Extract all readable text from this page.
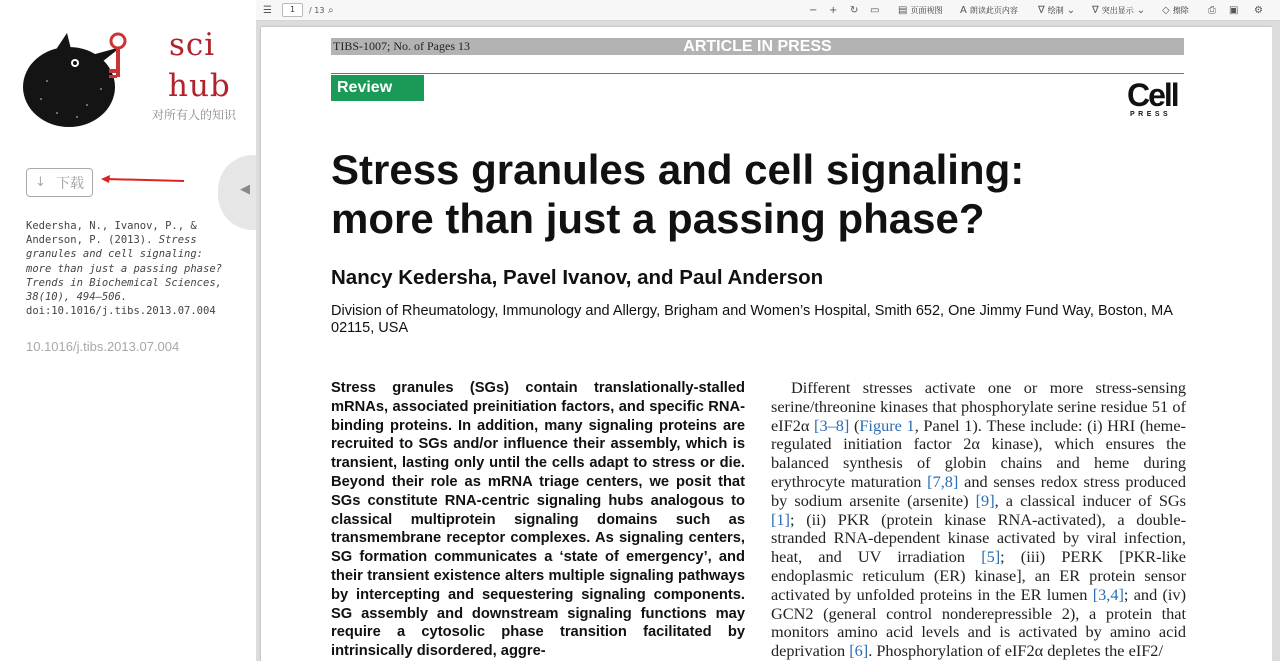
sci
hub
对所有人的知识
↓ 下载
Kedersha, N., Ivanov, P., & Anderson, P. (2013). Stress granules and cell signaling: more than just a passing phase? Trends in Biochemical Sciences, 38(10), 494–506.
doi:10.1016/j.tibs.2013.07.004
10.1016/j.tibs.2013.07.004
◀
☰	1	/ 13 ⌕	− + ↻ ▭ ▤ 页面视图 A 朗读此页内容 ∇ 绘制 ⌄ ∇ 突出显示 ⌄ ◇ 擦除 ⎙ ▣ ⚙
TIBS-1007; No. of Pages 13	ARTICLE IN PRESS
Review	Cell
PRESS
Stress granules and cell signaling:
more than just a passing phase?
Nancy Kedersha, Pavel Ivanov, and Paul Anderson
Division of Rheumatology, Immunology and Allergy, Brigham and Women’s Hospital, Smith 652, One Jimmy Fund Way, Boston, MA 02115, USA
Stress granules (SGs) contain translationally-stalled mRNAs, associated preinitiation factors, and specific RNA-binding proteins. In addition, many signaling proteins are recruited to SGs and/or influence their assembly, which is transient, lasting only until the cells adapt to stress or die. Beyond their role as mRNA triage centers, we posit that SGs constitute RNA-centric signaling hubs analogous to classical multiprotein signaling domains such as transmembrane receptor complexes. As signaling centers, SG formation communicates a ‘state of emergency’, and their transient existence alters multiple signaling pathways by intercepting and sequestering signaling components. SG assembly and downstream signaling functions may require a cytosolic phase transition facilitated by intrinsically disordered, aggre-
Different stresses activate one or more stress-sensing serine/threonine kinases that phosphorylate serine residue 51 of eIF2α [3–8] (Figure 1, Panel 1). These include: (i) HRI (heme-regulated initiation factor 2α kinase), which ensures the balanced synthesis of globin chains and heme during erythrocyte maturation [7,8] and senses redox stress produced by sodium arsenite (arsenite) [9], a classical inducer of SGs [1]; (ii) PKR (protein kinase RNA-activated), a double-stranded RNA-dependent kinase activated by viral infection, heat, and UV irradiation [5]; (iii) PERK [PKR-like endoplasmic reticulum (ER) kinase], an ER protein sensor activated by unfolded proteins in the ER lumen [3,4]; and (iv) GCN2 (general control nonderepressible 2), a protein that monitors amino acid levels and is activated by amino acid deprivation [6]. Phosphorylation of eIF2α depletes the eIF2/
